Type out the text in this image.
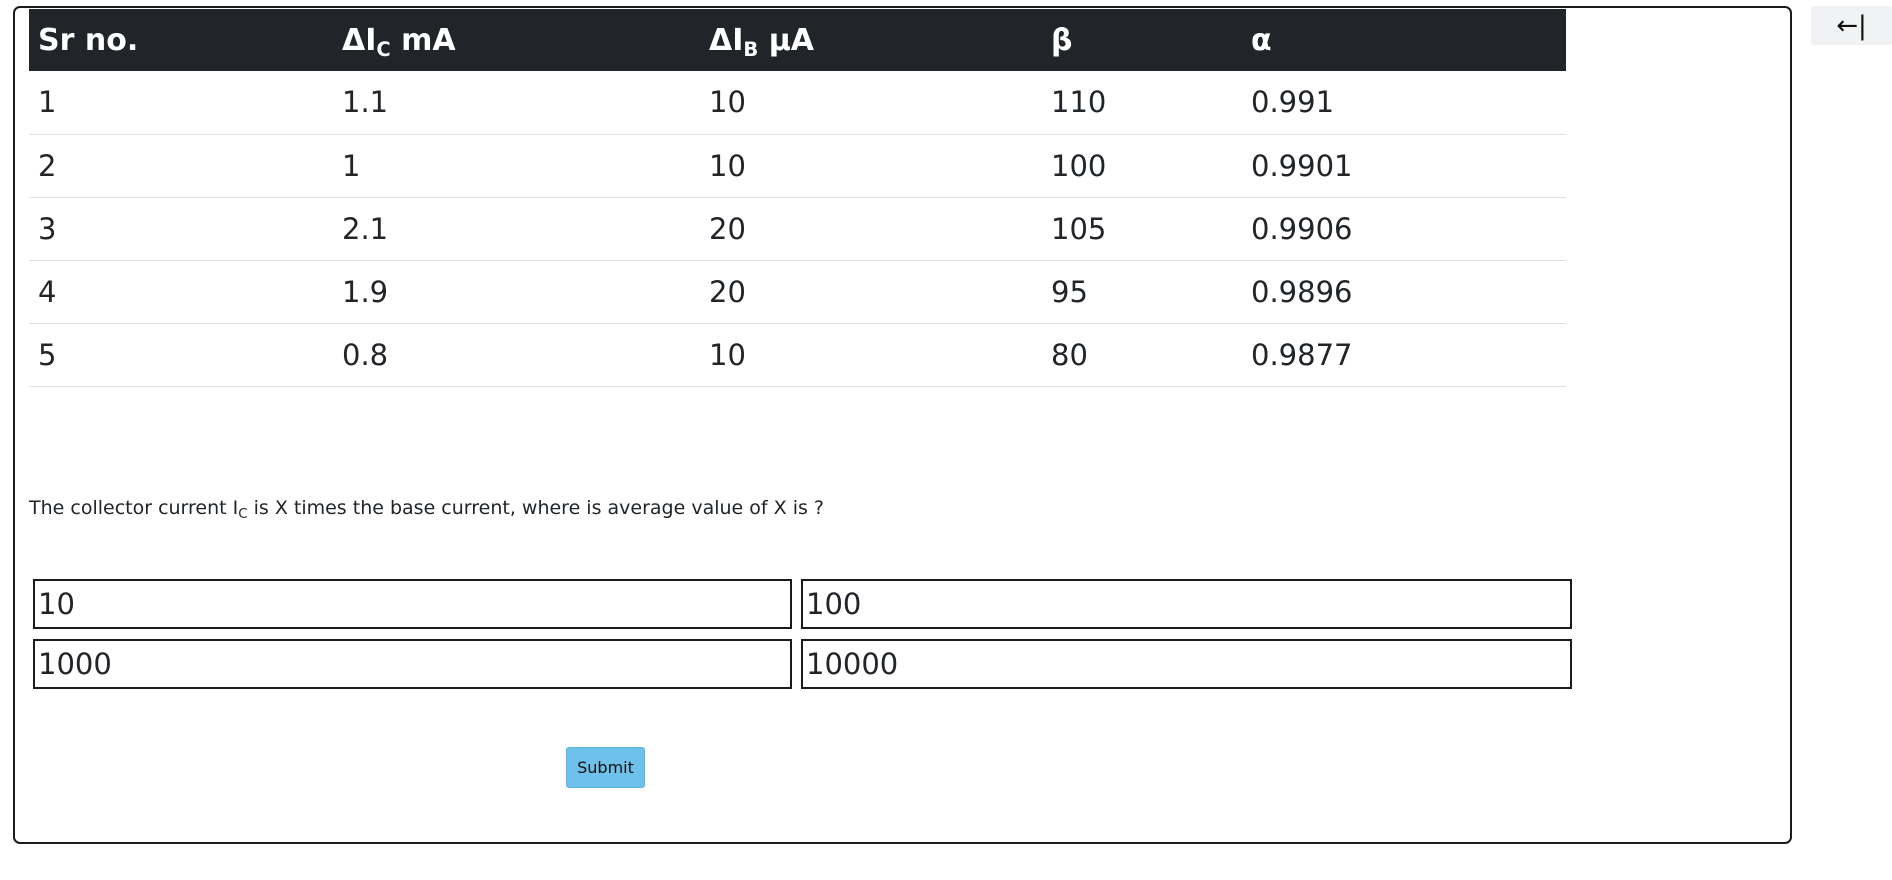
Sr no.	$\Delta I_C$ mA	$\Delta I_B$ μA	β	α
1	1.1	10	110	0.991
2	1	10	100	0.9901
3	2.1	20	105	0.9906
4	1.9	20	95	0.9896
5	0.8	10	80	0.9877
The collector current $I_C$ is X times the base current, where is average value of X is ?
10	100
1000	10000
Submit
←|
